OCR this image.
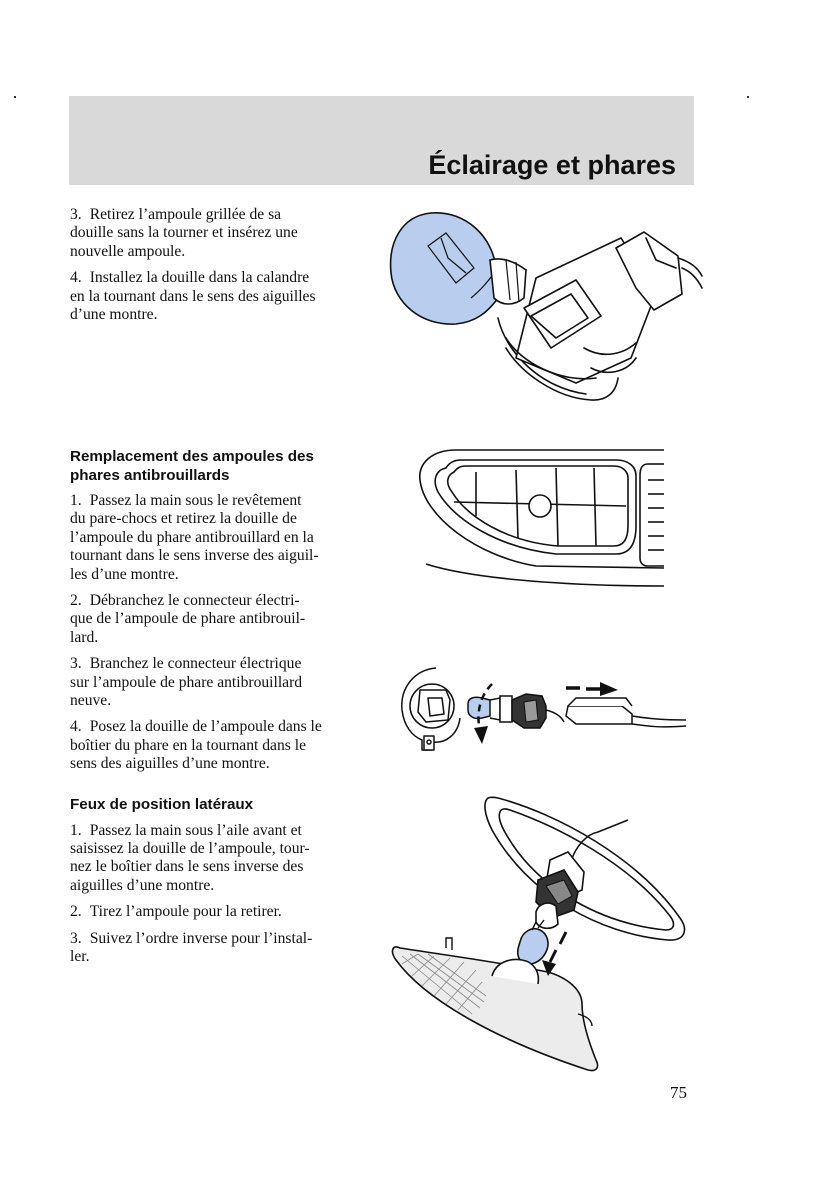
Éclairage et phares
3. Retirez l’ampoule grillée de sa
douille sans la tourner et insérez une
nouvelle ampoule.
4. Installez la douille dans la calandre
en la tournant dans le sens des aiguilles
d’une montre.
Remplacement des ampoules des
phares antibrouillards
1. Passez la main sous le revêtement
du pare-chocs et retirez la douille de
l’ampoule du phare antibrouillard en la
tournant dans le sens inverse des aiguil-
les d’une montre.
2. Débranchez le connecteur électri-
que de l’ampoule de phare antibrouil-
lard.
3. Branchez le connecteur électrique
sur l’ampoule de phare antibrouillard
neuve.
4. Posez la douille de l’ampoule dans le
boîtier du phare en la tournant dans le
sens des aiguilles d’une montre.
Feux de position latéraux
1. Passez la main sous l’aile avant et
saisissez la douille de l’ampoule, tour-
nez le boîtier dans le sens inverse des
aiguilles d’une montre.
2. Tirez l’ampoule pour la retirer.
3. Suivez l’ordre inverse pour l’instal-
ler.
75
